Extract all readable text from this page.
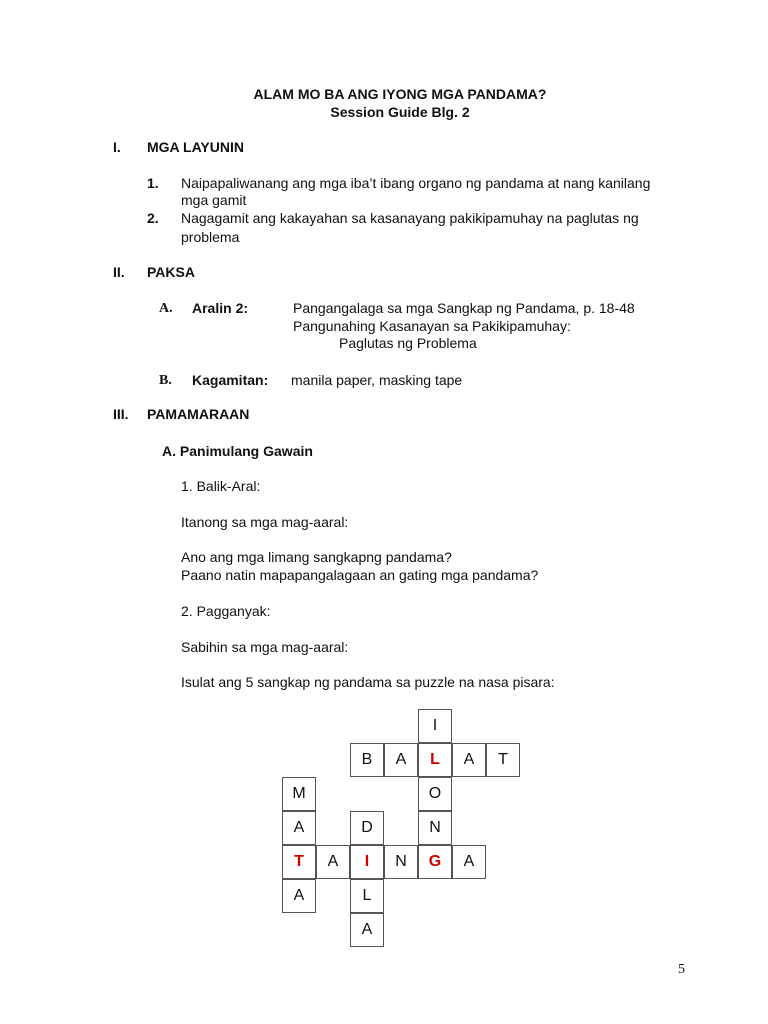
ALAM MO BA ANG IYONG MGA PANDAMA?
Session Guide Blg. 2
I. MGA LAYUNIN
1. Naipapaliwanang ang mga iba’t ibang organo ng pandama at nang kanilang
mga gamit
2. Nagagamit ang kakayahan sa kasanayang pakikipamuhay na paglutas ng
problema
II. PAKSA
A. Aralin 2:	Pangangalaga sa mga Sangkap ng Pandama, p. 18-48
Pangunahing Kasanayan sa Pakikipamuhay:
Paglutas ng Problema
B. Kagamitan: manila paper, masking tape
III. PAMAMARAAN
A. Panimulang Gawain
1. Balik-Aral:
Itanong sa mga mag-aaral:
Ano ang mga limang sangkapng pandama?
Paano natin mapapangalagaan an gating mga pandama?
2. Pagganyak:
Sabihin sa mga mag-aaral:
Isulat ang 5 sangkap ng pandama sa puzzle na nasa pisara:
I
B A L A T
M	O
A	D	N
T A I N G A
A	L
A
5
